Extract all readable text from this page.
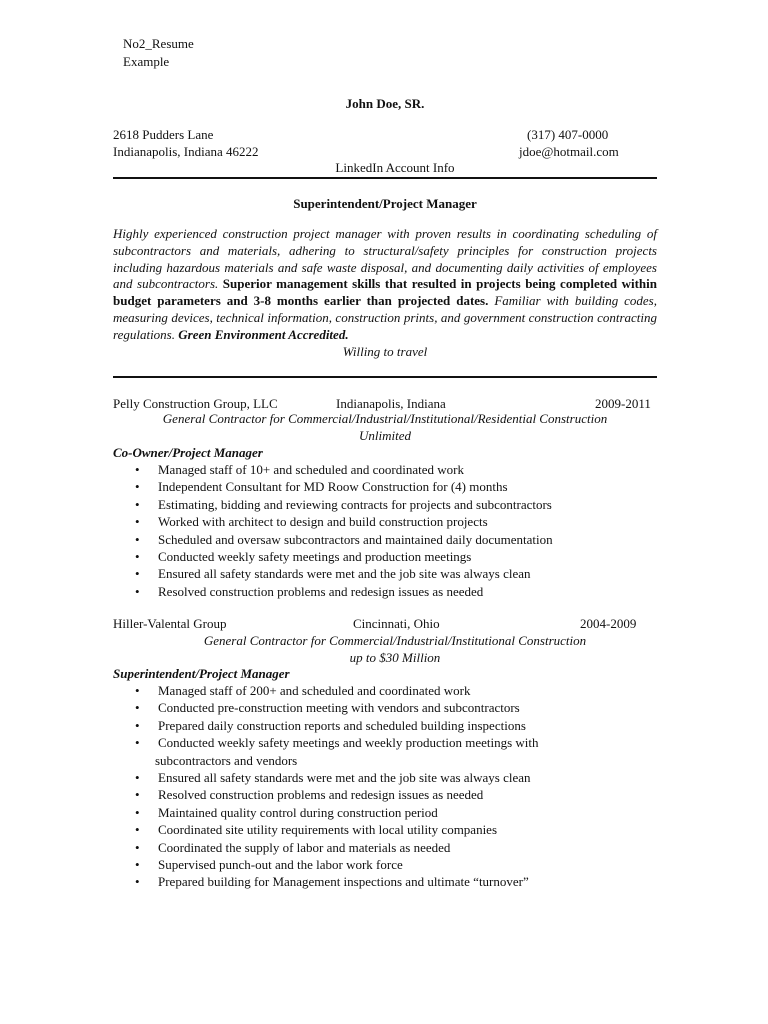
No2_Resume
Example
John Doe, SR.
2618 Pudders Lane
Indianapolis, Indiana 46222
(317) 407-0000
jdoe@hotmail.com
LinkedIn Account Info
Superintendent/Project Manager
Highly experienced construction project manager with proven results in coordinating scheduling of subcontractors and materials, adhering to structural/safety principles for construction projects including hazardous materials and safe waste disposal, and documenting daily activities of employees and subcontractors. Superior management skills that resulted in projects being completed within budget parameters and 3-8 months earlier than projected dates. Familiar with building codes, measuring devices, technical information, construction prints, and government construction contracting regulations. Green Environment Accredited.
Willing to travel
Pelly Construction Group, LLC	Indianapolis, Indiana	2009-2011
General Contractor for Commercial/Industrial/Institutional/Residential Construction
Unlimited
Co-Owner/Project Manager
• Managed staff of 10+ and scheduled and coordinated work
• Independent Consultant for MD Roow Construction for (4) months
• Estimating, bidding and reviewing contracts for projects and subcontractors
• Worked with architect to design and build construction projects
• Scheduled and oversaw subcontractors and maintained daily documentation
• Conducted weekly safety meetings and production meetings
• Ensured all safety standards were met and the job site was always clean
• Resolved construction problems and redesign issues as needed
Hiller-Valental Group	Cincinnati, Ohio	2004-2009
General Contractor for Commercial/Industrial/Institutional Construction
up to $30 Million
Superintendent/Project Manager
• Managed staff of 200+ and scheduled and coordinated work
• Conducted pre-construction meeting with vendors and subcontractors
• Prepared daily construction reports and scheduled building inspections
• Conducted weekly safety meetings and weekly production meetings with
subcontractors and vendors
• Ensured all safety standards were met and the job site was always clean
• Resolved construction problems and redesign issues as needed
• Maintained quality control during construction period
• Coordinated site utility requirements with local utility companies
• Coordinated the supply of labor and materials as needed
• Supervised punch-out and the labor work force
• Prepared building for Management inspections and ultimate “turnover”
